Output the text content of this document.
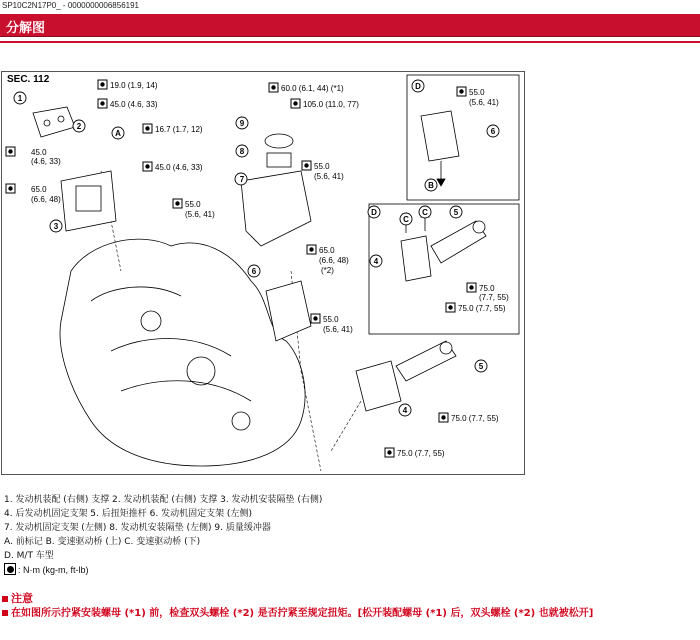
SP10C2N17P0_ - 0000000006856191
分解图
1
2
3
4
5
6
7
8
9
6
4
5
A
D
D
C
C
B
19.0 (1.9, 14)
45.0 (4.6, 33)
16.7 (1.7, 12)
45.0
(4.6, 33)
45.0 (4.6, 33)
65.0
(6.6, 48)
60.0 (6.1, 44) (*1)
105.0 (11.0, 77)
55.0
(5.6, 41)
55.0
(5.6, 41)
65.0
(6.6, 48)
(*2)
55.0
(5.6, 41)
55.0
(5.6, 41)
75.0
(7.7, 55)
75.0 (7.7, 55)
75.0 (7.7, 55)
75.0 (7.7, 55)
SEC. 112
1. 发动机装配 (右侧) 支撑 2. 发动机装配 (右侧) 支撑 3. 发动机安装隔垫 (右侧)
4. 后发动机固定支架 5. 后扭矩推杆 6. 发动机固定支架 (左侧)
7. 发动机固定支架 (左侧) 8. 发动机安装隔垫 (左侧) 9. 质量缓冲器
A. 前标记 B. 变速驱动桥 (上) C. 变速驱动桥 (下)
D. M/T 车型
: N·m (kg-m, ft-lb)
注意
在如图所示拧紧安装螺母 (*1) 前，检查双头螺栓 (*2) 是否拧紧至规定扭矩。[松开装配螺母 (*1) 后，双头螺栓 (*2) 也就被松开]
